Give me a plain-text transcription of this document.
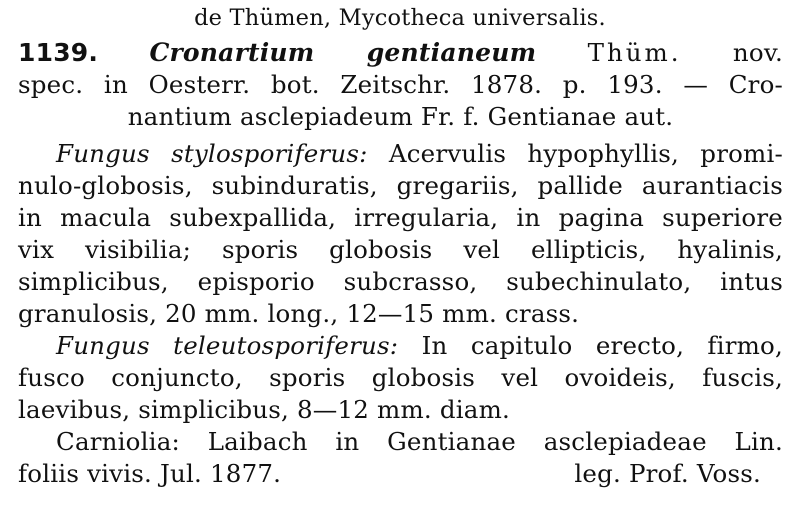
de Thümen, Mycotheca universalis.
1139. Cronartium gentianeum Thüm. nov.
spec. in Oesterr. bot. Zeitschr. 1878. p. 193. — Cro-
nantium asclepiadeum Fr. f. Gentianae aut.
Fungus stylosporiferus: Acervulis hypophyllis, promi-
nulo-globosis, subinduratis, gregariis, pallide aurantiacis
in macula subexpallida, irregularia, in pagina superiore
vix visibilia; sporis globosis vel ellipticis, hyalinis,
simplicibus, episporio subcrasso, subechinulato, intus
granulosis, 20 mm. long., 12—15 mm. crass.
Fungus teleutosporiferus: In capitulo erecto, firmo,
fusco conjuncto, sporis globosis vel ovoideis, fuscis,
laevibus, simplicibus, 8—12 mm. diam.
Carniolia: Laibach in Gentianae asclepiadeae Lin.
foliis vivis. Jul. 1877.	leg. Prof. Voss.
